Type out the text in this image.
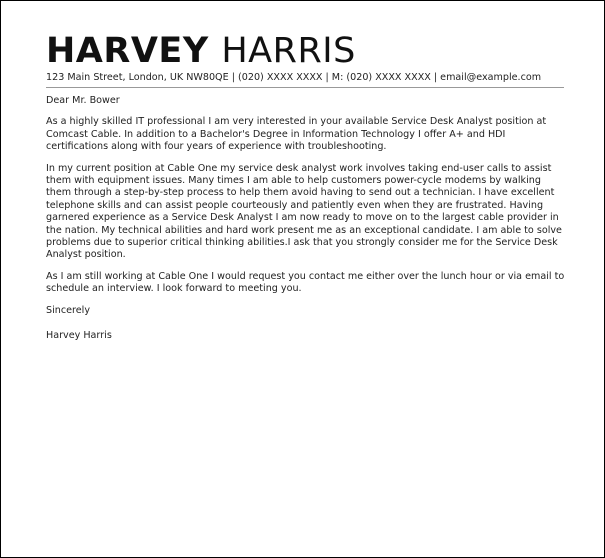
HARVEY HARRIS
123 Main Street, London, UK NW80QE | (020) XXXX XXXX | M: (020) XXXX XXXX | email@example.com

Dear Mr. Bower

As a highly skilled IT professional I am very interested in your available Service Desk Analyst position at Comcast Cable. In addition to a Bachelor's Degree in Information Technology I offer A+ and HDI certifications along with four years of experience with troubleshooting.

In my current position at Cable One my service desk analyst work involves taking end-user calls to assist them with equipment issues. Many times I am able to help customers power-cycle modems by walking them through a step-by-step process to help them avoid having to send out a technician. I have excellent telephone skills and can assist people courteously and patiently even when they are frustrated. Having garnered experience as a Service Desk Analyst I am now ready to move on to the largest cable provider in the nation. My technical abilities and hard work present me as an exceptional candidate. I am able to solve problems due to superior critical thinking abilities.I ask that you strongly consider me for the Service Desk Analyst position.

As I am still working at Cable One I would request you contact me either over the lunch hour or via email to schedule an interview. I look forward to meeting you.

Sincerely

Harvey Harris
